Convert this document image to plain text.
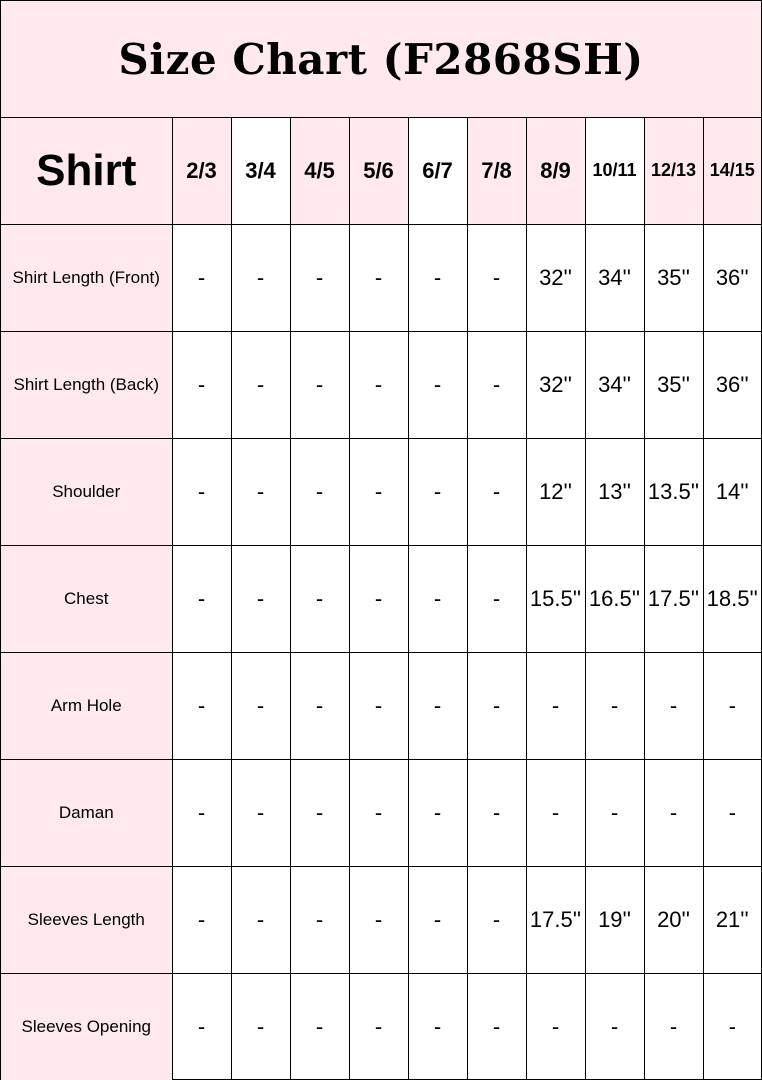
Size Chart (F2868SH)
Shirt	2/3	3/4	4/5	5/6	6/7	7/8	8/9	10/11	12/13	14/15
Shirt Length (Front)	-	-	-	-	-	-	32''	34''	35''	36''
Shirt Length (Back)	-	-	-	-	-	-	32''	34''	35''	36''
Shoulder	-	-	-	-	-	-	12''	13''	13.5''	14''
Chest	-	-	-	-	-	-	15.5''	16.5''	17.5''	18.5''
Arm Hole	-	-	-	-	-	-	-	-	-	-
Daman	-	-	-	-	-	-	-	-	-	-
Sleeves Length	-	-	-	-	-	-	17.5''	19''	20''	21''
Sleeves Opening	-	-	-	-	-	-	-	-	-	-
